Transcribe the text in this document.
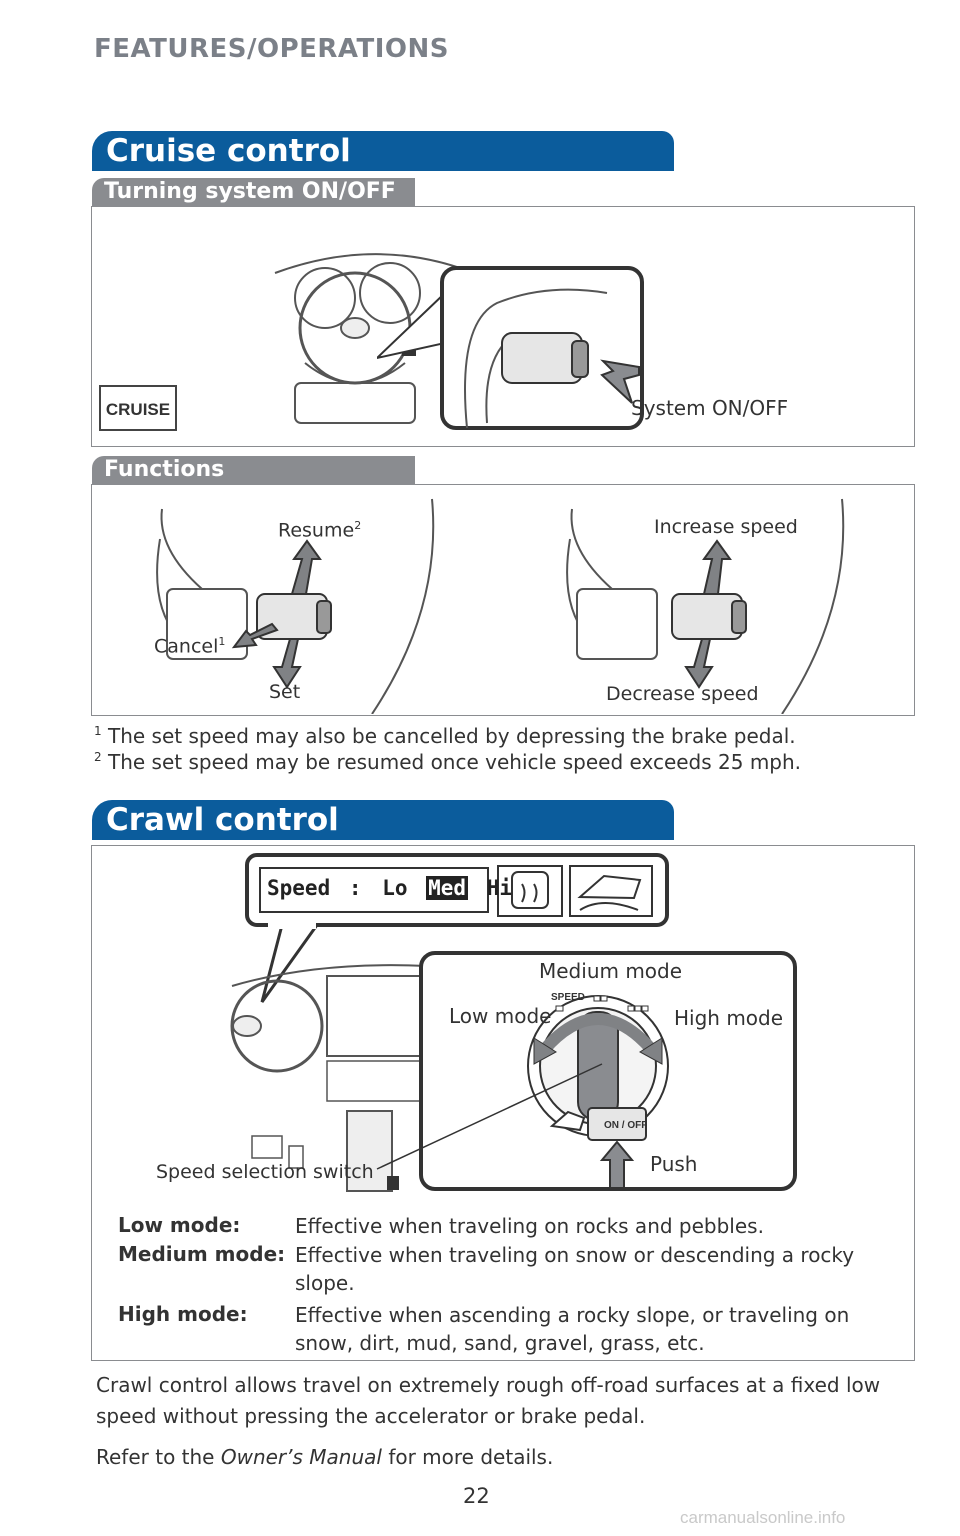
FEATURES/OPERATIONS
Cruise control
Turning system ON/OFF
CRUISE	System ON/OFF
Functions
Resume$^2$
Cancel$^1$
Set
Increase speed
Decrease speed
$^1$ The set speed may also be cancelled by depressing the brake pedal.
$^2$ The set speed may be resumed once vehicle speed exceeds 25 mph.
Crawl control
Speed : Lo Med Hi
Medium mode
Low mode	High mode
SPEED
ON / OFF
Push
Speed selection switch
Low mode:	Effective when traveling on rocks and pebbles.
Medium mode: Effective when traveling on snow or descending a rocky slope.
High mode: Effective when ascending a rocky slope, or traveling on snow, dirt, mud, sand, gravel, grass, etc.
Crawl control allows travel on extremely rough off-road surfaces at a fixed low speed without pressing the accelerator or brake pedal.
Refer to the Owner’s Manual for more details.
22
carmanualsonline.info
